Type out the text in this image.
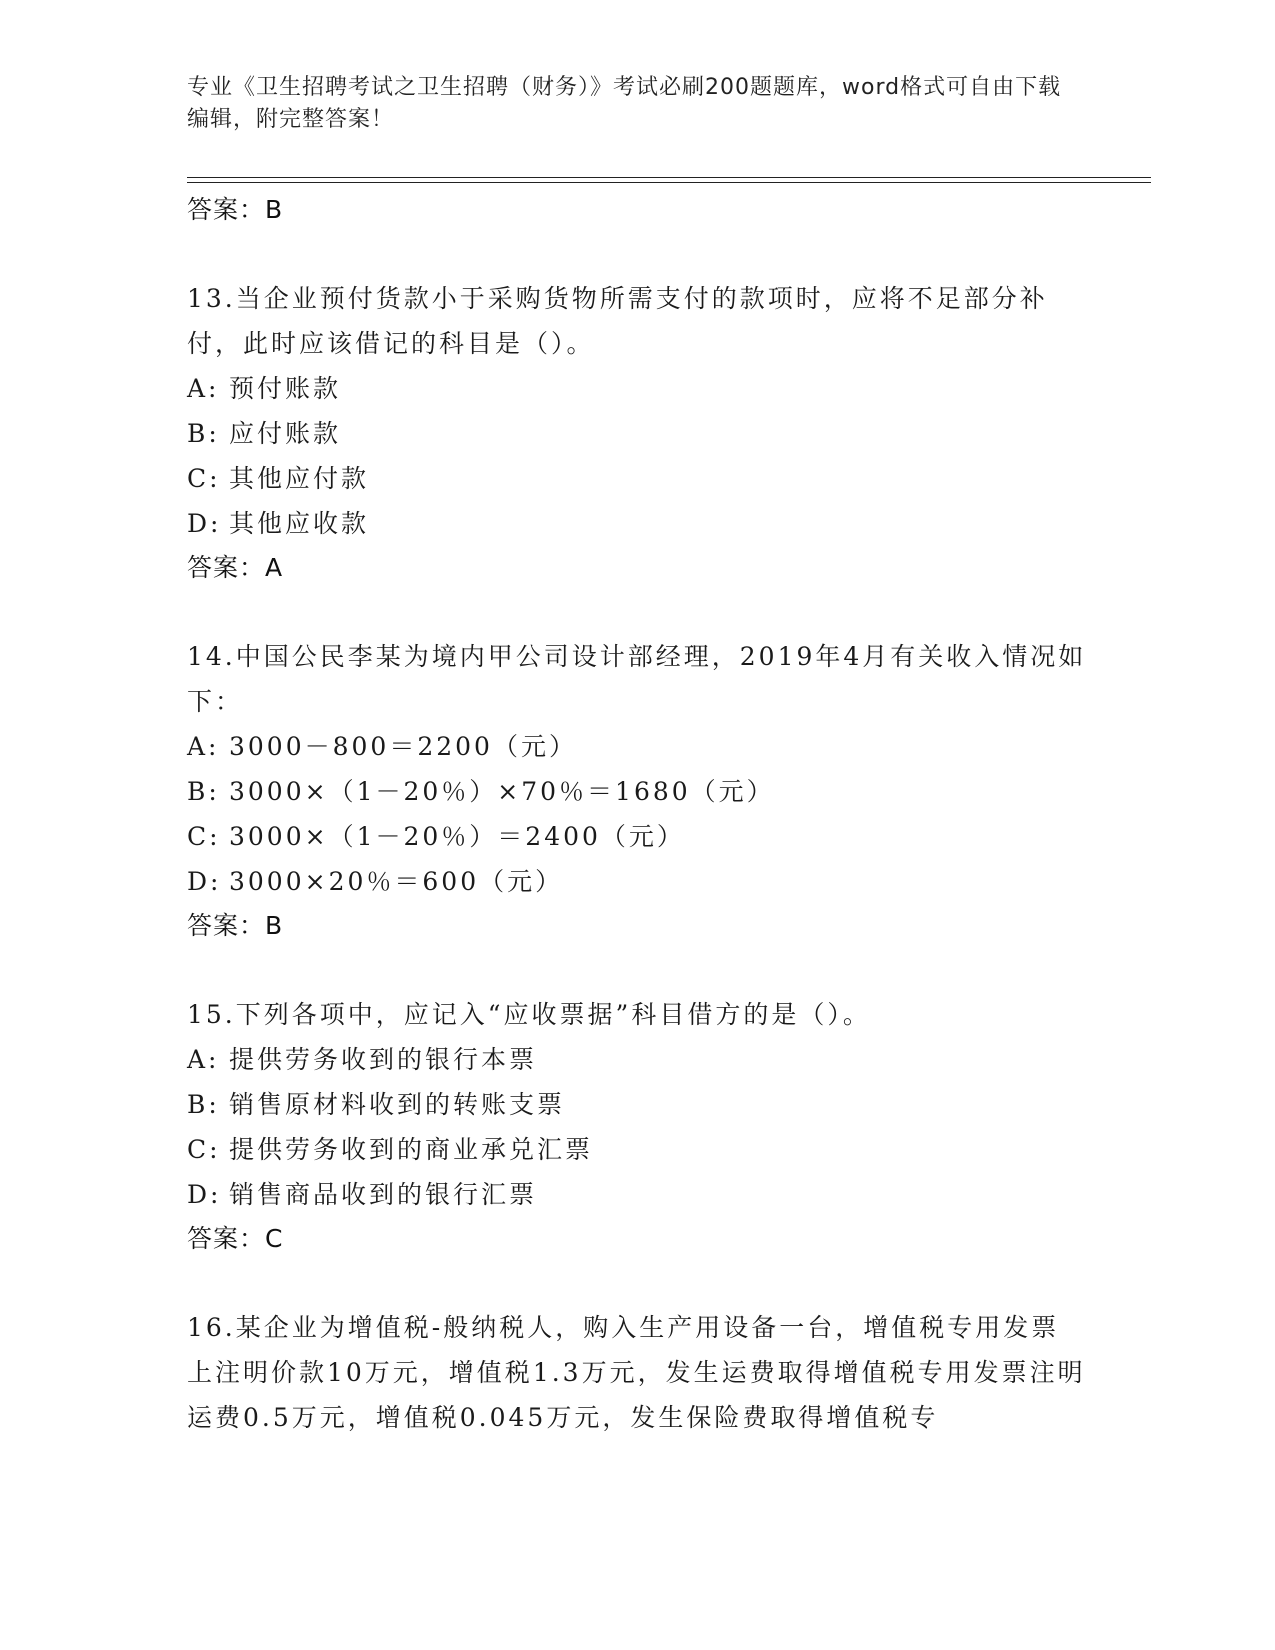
专业《卫生招聘考试之卫生招聘（财务）》考试必刷200题题库，word格式可自由下载编辑，附完整答案！
答案：B

13.当企业预付货款小于采购货物所需支付的款项时，应将不足部分补付，此时应该借记的科目是（）。

A: 预付账款
B: 应付账款
C: 其他应付款
D: 其他应收款
答案：A

14.中国公民李某为境内甲公司设计部经理，2019年4月有关收入情况如下：

A: 3000－800＝2200（元）
B: 3000×（1－20％）×70％＝1680（元）
C: 3000×（1－20％）＝2400（元）
D: 3000×20％＝600（元）
答案：B

15.下列各项中，应记入“应收票据”科目借方的是（）。

A: 提供劳务收到的银行本票
B: 销售原材料收到的转账支票
C: 提供劳务收到的商业承兑汇票
D: 销售商品收到的银行汇票
答案：C

16.某企业为增值税-般纳税人，购入生产用设备一台，增值税专用发票上注明价款10万元，增值税1.3万元，发生运费取得增值税专用发票注明运费0.5万元，增值税0.045万元，发生保险费取得增值税专
